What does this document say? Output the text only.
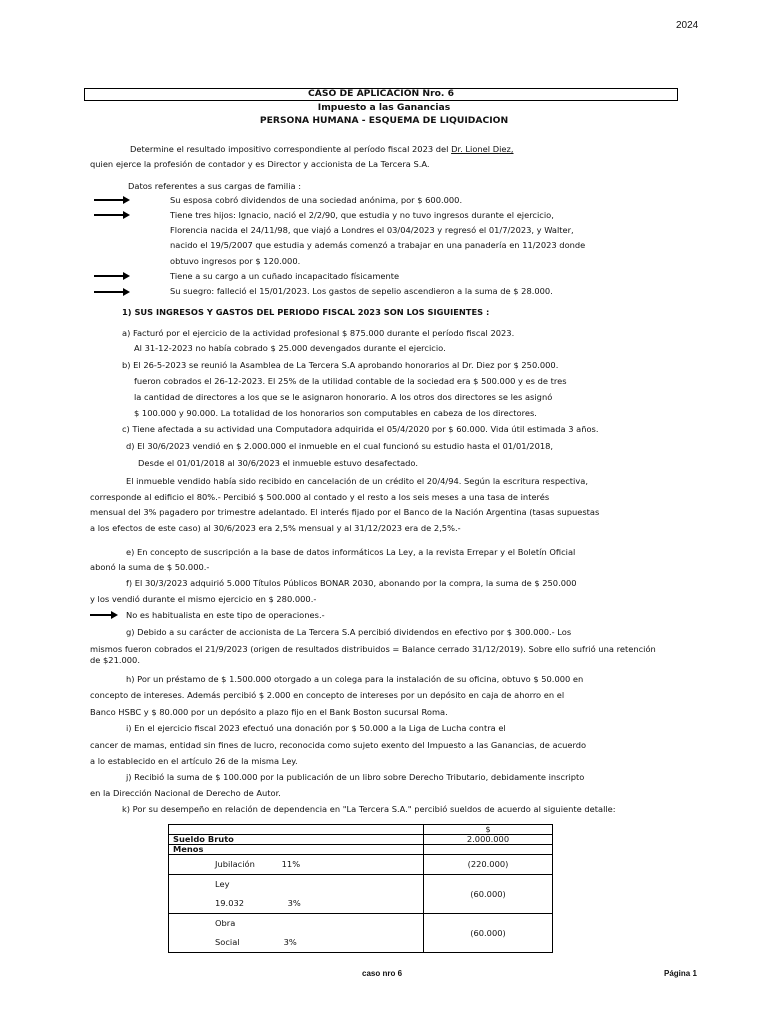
2024
CASO DE APLICACION Nro. 6
Impuesto a las Ganancias
PERSONA HUMANA - ESQUEMA DE LIQUIDACION
Determine el resultado impositivo correspondiente al período fiscal 2023 del Dr. Lionel Diez,
quien ejerce la profesión de contador y es Director y accionista de La Tercera S.A.
Datos referentes a sus cargas de familia :
Su esposa cobró dividendos de una sociedad anónima, por $ 600.000.
Tiene tres hijos: Ignacio, nació el 2/2/90, que estudia y no tuvo ingresos durante el ejercicio,
Florencia nacida el 24/11/98, que viajó a Londres el 03/04/2023 y regresó el 01/7/2023, y Walter,
nacido el 19/5/2007 que estudia y además comenzó a trabajar en una panadería en 11/2023 donde
obtuvo ingresos por $ 120.000.
Tiene a su cargo a un cuñado incapacitado físicamente
Su suegro: falleció el 15/01/2023. Los gastos de sepelio ascendieron a la suma de $ 28.000.
1) SUS INGRESOS Y GASTOS DEL PERIODO FISCAL 2023 SON LOS SIGUIENTES :
a) Facturó por el ejercicio de la actividad profesional $ 875.000 durante el período fiscal 2023.
Al 31-12-2023 no había cobrado $ 25.000 devengados durante el ejercicio.
b) El 26-5-2023 se reunió la Asamblea de La Tercera S.A aprobando honorarios al Dr. Diez por $ 250.000.
fueron cobrados el 26-12-2023. El 25% de la utilidad contable de la sociedad era $ 500.000 y es de tres
la cantidad de directores a los que se le asignaron honorario. A los otros dos directores se les asignó
$ 100.000 y 90.000. La totalidad de los honorarios son computables en cabeza de los directores.
c) Tiene afectada a su actividad una Computadora adquirida el 05/4/2020 por $ 60.000. Vida útil estimada 3 años.
d) El 30/6/2023 vendió en $ 2.000.000 el inmueble en el cual funcionó su estudio hasta el 01/01/2018,
Desde el 01/01/2018 al 30/6/2023 el inmueble estuvo desafectado.
El inmueble vendido había sido recibido en cancelación de un crédito el 20/4/94. Según la escritura respectiva,
corresponde al edificio el 80%.- Percibió $ 500.000 al contado y el resto a los seis meses a una tasa de interés
mensual del 3% pagadero por trimestre adelantado. El interés fijado por el Banco de la Nación Argentina (tasas supuestas
a los efectos de este caso) al 30/6/2023 era 2,5% mensual y al 31/12/2023 era de 2,5%.-
e) En concepto de suscripción a la base de datos informáticos La Ley, a la revista Errepar y el Boletín Oficial
abonó la suma de $ 50.000.-
f) El 30/3/2023 adquirió 5.000 Títulos Públicos BONAR 2030, abonando por la compra, la suma de $ 250.000
y los vendió durante el mismo ejercicio en $ 280.000.-
No es habitualista en este tipo de operaciones.-
g) Debido a su carácter de accionista de La Tercera S.A percibió dividendos en efectivo por $ 300.000.- Los
mismos fueron cobrados el 21/9/2023 (origen de resultados distribuidos = Balance cerrado 31/12/2019). Sobre ello sufrió una retención
de $21.000.
h) Por un préstamo de $ 1.500.000 otorgado a un colega para la instalación de su oficina, obtuvo $ 50.000 en
concepto de intereses. Además percibió $ 2.000 en concepto de intereses por un depósito en caja de ahorro en el
Banco HSBC y $ 80.000 por un depósito a plazo fijo en el Bank Boston sucursal Roma.
i) En el ejercicio fiscal 2023 efectuó una donación por $ 50.000 a la Liga de Lucha contra el
cancer de mamas, entidad sin fines de lucro, reconocida como sujeto exento del Impuesto a las Ganancias, de acuerdo
a lo establecido en el artículo 26 de la misma Ley.
j) Recibió la suma de $ 100.000 por la publicación de un libro sobre Derecho Tributario, debidamente inscripto
en la Dirección Nacional de Derecho de Autor.
k) Por su desempeño en relación de dependencia en "La Tercera S.A." percibió sueldos de acuerdo al siguiente detalle:
	$
Sueldo Bruto	2.000.000
Menos	
Jubilación 11%	(220.000)
Ley 19.032 3%	(60.000)
Obra Social 3%	(60.000)
caso nro 6	Página 1
